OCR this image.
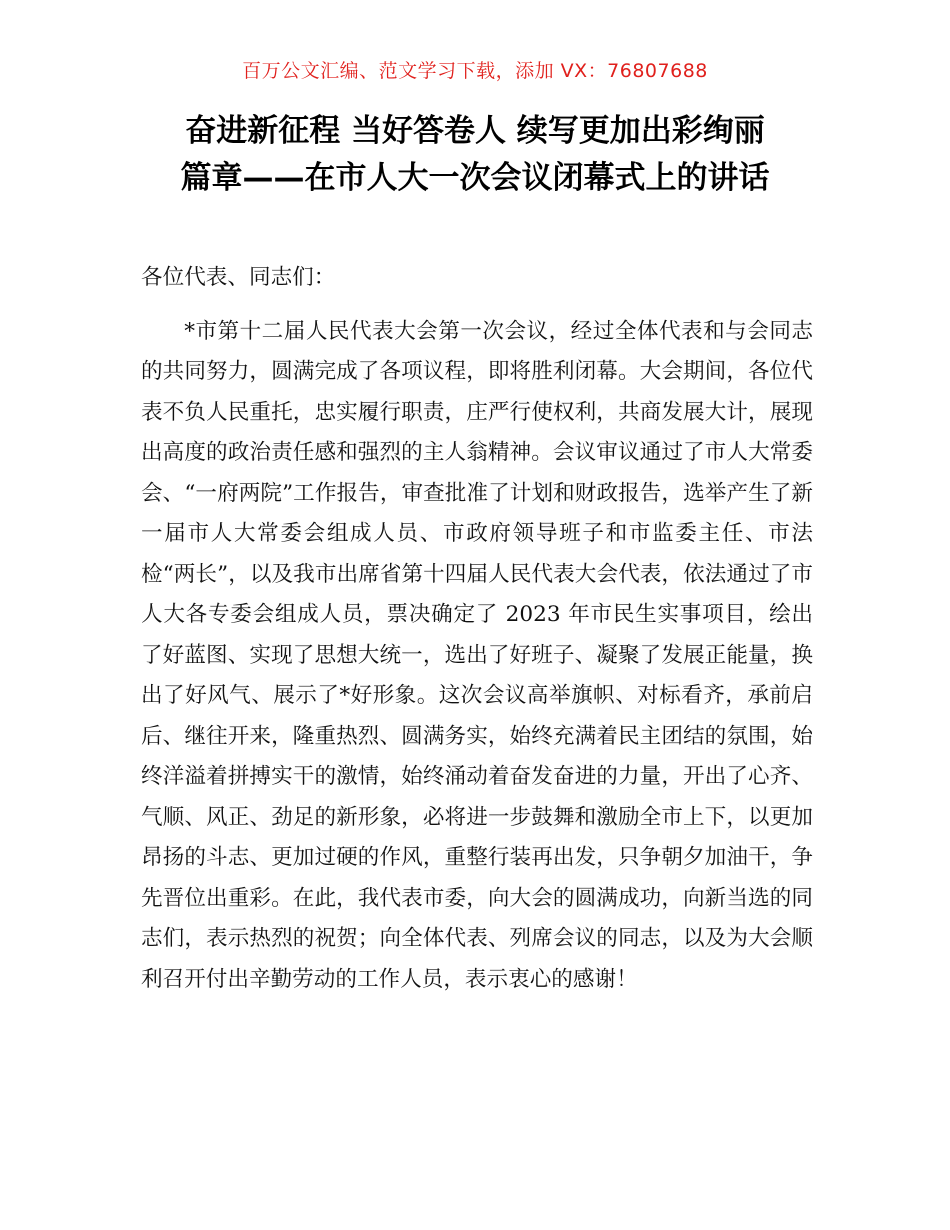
百万公文汇编、范文学习下载，添加 VX：76807688
奋进新征程 当好答卷人 续写更加出彩绚丽
篇章——在市人大一次会议闭幕式上的讲话

各位代表、同志们：

*市第十二届人民代表大会第一次会议，经过全体代表和与会同志的共同努力，圆满完成了各项议程，即将胜利闭幕。大会期间，各位代表不负人民重托，忠实履行职责，庄严行使权利，共商发展大计，展现出高度的政治责任感和强烈的主人翁精神。会议审议通过了市人大常委会、“一府两院”工作报告，审查批准了计划和财政报告，选举产生了新一届市人大常委会组成人员、市政府领导班子和市监委主任、市法检“两长”，以及我市出席省第十四届人民代表大会代表，依法通过了市人大各专委会组成人员，票决确定了 2023 年市民生实事项目，绘出了好蓝图、实现了思想大统一，选出了好班子、凝聚了发展正能量，换出了好风气、展示了*好形象。这次会议高举旗帜、对标看齐，承前启后、继往开来，隆重热烈、圆满务实，始终充满着民主团结的氛围，始终洋溢着拼搏实干的激情，始终涌动着奋发奋进的力量，开出了心齐、气顺、风正、劲足的新形象，必将进一步鼓舞和激励全市上下，以更加昂扬的斗志、更加过硬的作风，重整行装再出发，只争朝夕加油干，争先晋位出重彩。在此，我代表市委，向大会的圆满成功，向新当选的同志们，表示热烈的祝贺；向全体代表、列席会议的同志，以及为大会顺利召开付出辛勤劳动的工作人员，表示衷心的感谢！
